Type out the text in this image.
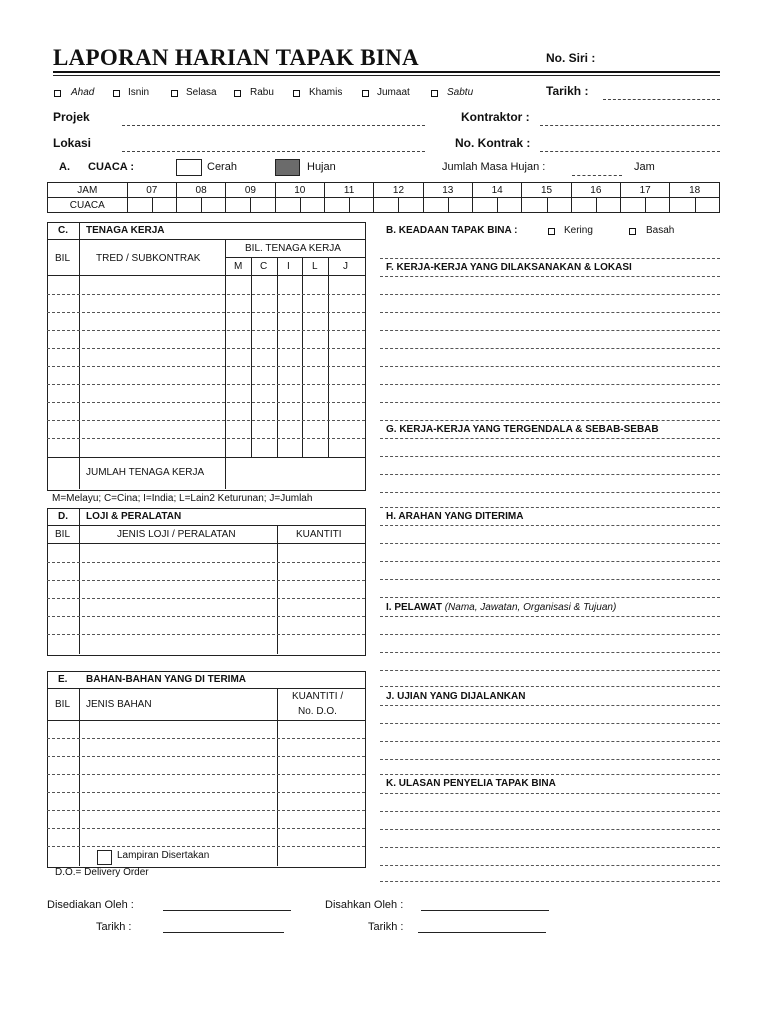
LAPORAN HARIAN TAPAK BINA	No. Siri :
Ahad	Isnin	Selasa	Rabu	Khamis	Jumaat	Sabtu	Tarikh :
Projek	Kontraktor :
Lokasi	No. Kontrak :
A. CUACA :	Cerah	Hujan	Jumlah Masa Hujan :	Jam
JAM	07		08		09		10		11		12		13		14		15		16		17		18	
CUACA																								
C. TENAGA KERJA
BIL	TRED / SUBKONTRAK
BIL. TENAGA KERJA
M C I L	J
JUMLAH TENAGA KERJA
M=Melayu; C=Cina; I=India; L=Lain2 Keturunan; J=Jumlah
D. LOJI & PERALATAN
BIL	JENIS LOJI / PERALATAN	KUANTITI
E. BAHAN-BAHAN YANG DI TERIMA
BIL JENIS BAHAN
KUANTITI /
No. D.O.
Lampiran Disertakan
D.O.= Delivery Order
B. KEADAAN TAPAK BINA :	Kering	Basah
F. KERJA-KERJA YANG DILAKSANAKAN & LOKASI
G. KERJA-KERJA YANG TERGENDALA & SEBAB-SEBAB
H. ARAHAN YANG DITERIMA
I. PELAWAT (Nama, Jawatan, Organisasi & Tujuan)
J. UJIAN YANG DIJALANKAN
K. ULASAN PENYELIA TAPAK BINA
Disediakan Oleh :	Disahkan Oleh :
Tarikh :	Tarikh :
